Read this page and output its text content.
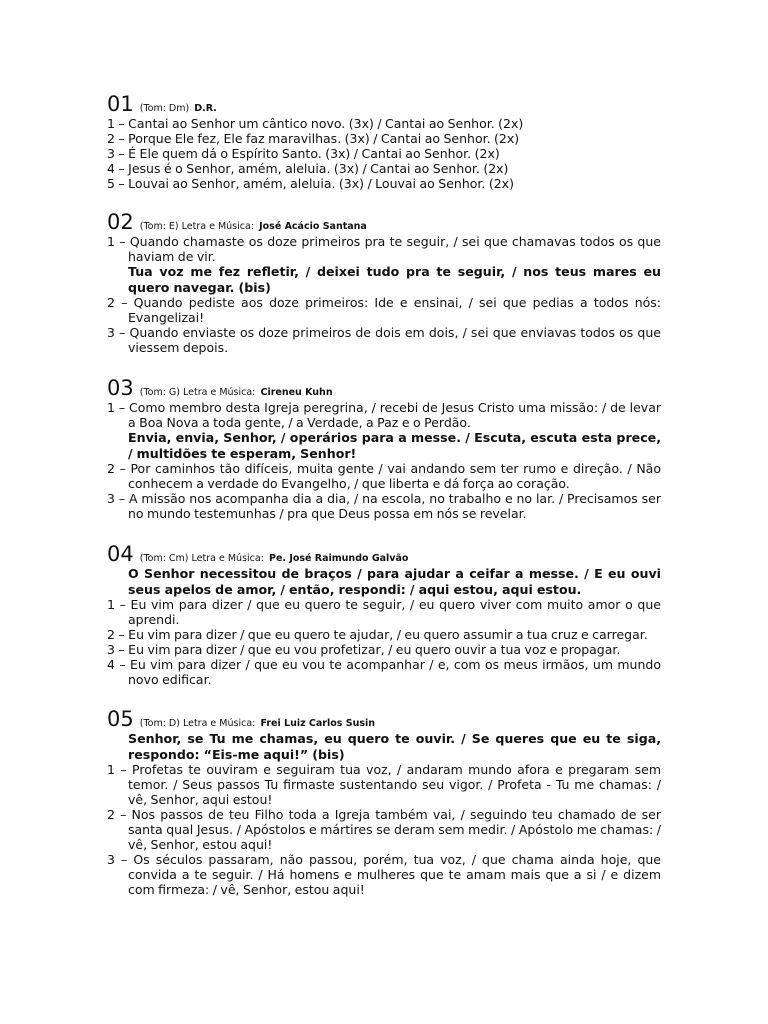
01 (Tom: Dm) D.R.
1 – Cantai ao Senhor um cântico novo. (3x) / Cantai ao Senhor. (2x)
2 – Porque Ele fez, Ele faz maravilhas. (3x) / Cantai ao Senhor. (2x)
3 – É Ele quem dá o Espírito Santo. (3x) / Cantai ao Senhor. (2x)
4 – Jesus é o Senhor, amém, aleluia. (3x) / Cantai ao Senhor. (2x)
5 – Louvai ao Senhor, amém, aleluia. (3x) / Louvai ao Senhor. (2x)
02 (Tom: E) Letra e Música: José Acácio Santana
1 – Quando chamaste os doze primeiros pra te seguir, / sei que chamavas todos os que haviam de vir.
Tua voz me fez refletir, / deixei tudo pra te seguir, / nos teus mares eu quero navegar. (bis)
2 – Quando pediste aos doze primeiros: Ide e ensinai, / sei que pedias a todos nós: Evangelizai!
3 – Quando enviaste os doze primeiros de dois em dois, / sei que enviavas todos os que viessem depois.
03 (Tom: G) Letra e Música: Cireneu Kuhn
1 – Como membro desta Igreja peregrina, / recebi de Jesus Cristo uma missão: / de levar a Boa Nova a toda gente, / a Verdade, a Paz e o Perdão.
Envia, envia, Senhor, / operários para a messe. / Escuta, escuta esta prece, / multidões te esperam, Senhor!
2 – Por caminhos tão difíceis, muita gente / vai andando sem ter rumo e direção. / Não conhecem a verdade do Evangelho, / que liberta e dá força ao coração.
3 – A missão nos acompanha dia a dia, / na escola, no trabalho e no lar. / Precisamos ser no mundo testemunhas / pra que Deus possa em nós se revelar.
04 (Tom: Cm) Letra e Música: Pe. José Raimundo Galvão
O Senhor necessitou de braços / para ajudar a ceifar a messe. / E eu ouvi seus apelos de amor, / então, respondi: / aqui estou, aqui estou.
1 – Eu vim para dizer / que eu quero te seguir, / eu quero viver com muito amor o que aprendi.
2 – Eu vim para dizer / que eu quero te ajudar, / eu quero assumir a tua cruz e carregar.
3 – Eu vim para dizer / que eu vou profetizar, / eu quero ouvir a tua voz e propagar.
4 – Eu vim para dizer / que eu vou te acompanhar / e, com os meus irmãos, um mundo novo edificar.
05 (Tom: D) Letra e Música: Frei Luiz Carlos Susin
Senhor, se Tu me chamas, eu quero te ouvir. / Se queres que eu te siga, respondo: “Eis-me aqui!” (bis)
1 – Profetas te ouviram e seguiram tua voz, / andaram mundo afora e pregaram sem temor. / Seus passos Tu firmaste sustentando seu vigor. / Profeta - Tu me chamas: / vê, Senhor, aqui estou!
2 – Nos passos de teu Filho toda a Igreja também vai, / seguindo teu chamado de ser santa qual Jesus. / Apóstolos e mártires se deram sem medir. / Apóstolo me chamas: / vê, Senhor, estou aqui!
3 – Os séculos passaram, não passou, porém, tua voz, / que chama ainda hoje, que convida a te seguir. / Há homens e mulheres que te amam mais que a si / e dizem com firmeza: / vê, Senhor, estou aqui!
